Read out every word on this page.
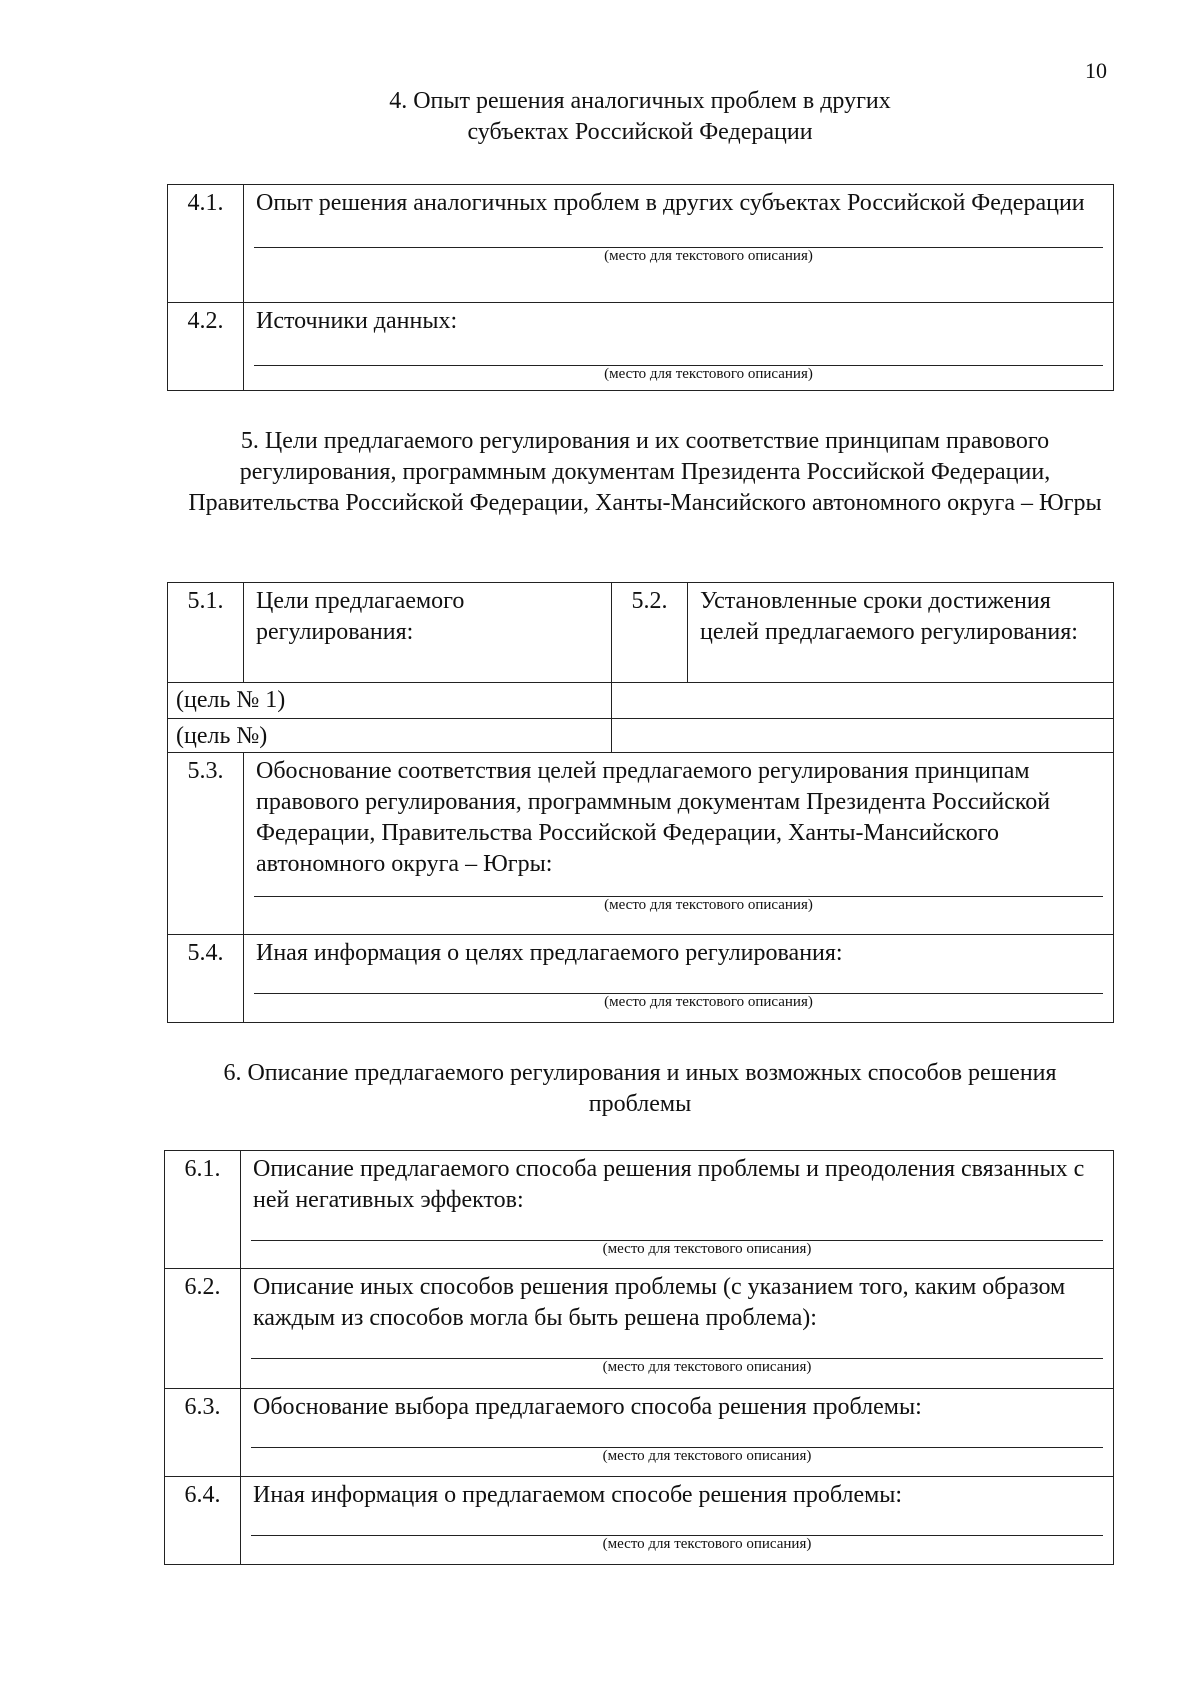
10
4. Опыт решения аналогичных проблем в других субъектах Российской Федерации
4.1.	Опыт решения аналогичных проблем в других субъектах Российской Федерации
(место для текстового описания)

4.2.	Источники данных:
(место для текстового описания)
5. Цели предлагаемого регулирования и их соответствие принципам правового регулирования, программным документам Президента Российской Федерации, Правительства Российской Федерации, Ханты-Мансийского автономного округа – Югры
5.1.	Цели предлагаемого регулирования:	5.2.	Установленные сроки достижения целей предлагаемого регулирования:

(цель № 1)			

(цель №)			

5.3.	Обоснование соответствия целей предлагаемого регулирования принципам правового регулирования, программным документам Президента Российской Федерации, Правительства Российской Федерации, Ханты-Мансийского автономного округа – Югры:
(место для текстового описания)		

5.4.	Иная информация о целях предлагаемого регулирования:
(место для текстового описания)		
6. Описание предлагаемого регулирования и иных возможных способов решения проблемы
6.1.	Описание предлагаемого способа решения проблемы и преодоления связанных с ней негативных эффектов:
(место для текстового описания)

6.2.	Описание иных способов решения проблемы (с указанием того, каким образом каждым из способов могла бы быть решена проблема):
(место для текстового описания)

6.3.	Обоснование выбора предлагаемого способа решения проблемы:
(место для текстового описания)

6.4.	Иная информация о предлагаемом способе решения проблемы:
(место для текстового описания)
